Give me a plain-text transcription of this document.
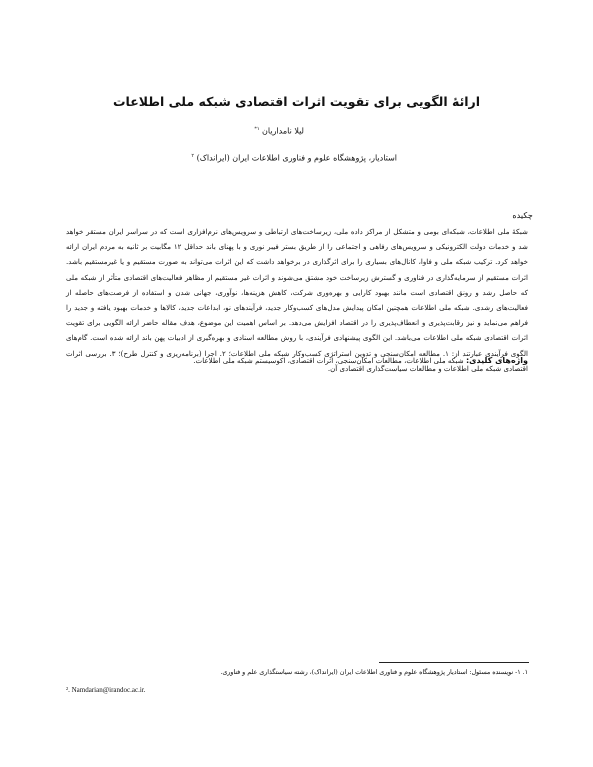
ارائهٔ الگویی برای تقویت اثرات اقتصادی شبکه ملی اطلاعات
لیلا نامداریان $^{۱*}$
استادیار، پژوهشگاه علوم و فناوری اطلاعات ایران (ایرانداک) $^۲$
چکیده
شبکهٔ ملی اطلاعات، شبکه‌ای بومی و متشکل از مراکز داده ملی، زیرساخت‌های ارتباطی و سرویس‌های نرم‌افزاری است که در سراسر ایران مستقر خواهد شد و خدمات دولت الکترونیکی و سرویس‌های رفاهی و اجتماعی را از طریق بستر فیبر نوری و با پهنای باند حداقل ۱۲ مگابیت بر ثانیه به مردم ایران ارائه خواهد کرد. ترکیب شبکه ملی و فاوا، کانال‌های بسیاری را برای اثرگذاری در برخواهد داشت که این اثرات می‌تواند به صورت مستقیم و یا غیرمستقیم باشد. اثرات مستقیم از سرمایه‌گذاری در فناوری و گسترش زیرساخت خود مشتق می‌شوند و اثرات غیر مستقیم از مظاهر فعالیت‌های اقتصادی متأثر از شبکه ملی که حاصل رشد و رونق اقتصادی است مانند بهبود کارایی و بهره‌وری شرکت، کاهش هزینه‌ها، نوآوری، جهانی شدن و استفاده از فرصت‌های حاصله از فعالیت‌های رشدی. شبکه ملی اطلاعات همچنین امکان پیدایش مدل‌های کسب‌وکار جدید، فرآیندهای نو، ابداعات جدید، کالاها و خدمات بهبود یافته و جدید را فراهم می‌نماید و نیز رقابت‌پذیری و انعطاف‌پذیری را در اقتصاد افزایش می‌دهد. بر اساس اهمیت این موضوع، هدف مقاله حاضر ارائه الگویی برای تقویت اثرات اقتصادی شبکه ملی اطلاعات می‌باشد. این الگوی پیشنهادی فرآیندی، با روش مطالعه اسنادی و بهره‌گیری از ادبیات پهن باند ارائه شده است. گام‌های الگوی فرآیندی عبارتند از: ۱. مطالعه امکان‌سنجی و تدوین استراتژی کسب‌وکار شبکه ملی اطلاعات؛ ۲. اجرا (برنامه‌ریزی و کنترل طرح)؛ ۳. بررسی اثرات اقتصادی شبکه ملی اطلاعات و مطالعات سیاست‌گذاری اقتصادی آن.
واژه‌های کلیدی: شبکه ملی اطلاعات، مطالعات امکان‌سنجی، اثرات اقتصادی، اکوسیستم شبکه ملی اطلاعات.
۱. ۱- نویسنده مسئول: استادیار پژوهشگاه علوم و فناوری اطلاعات ایران (ایرانداک)، رشته سیاستگذاری علم و فناوری.
². Namdarian@irandoc.ac.ir.
